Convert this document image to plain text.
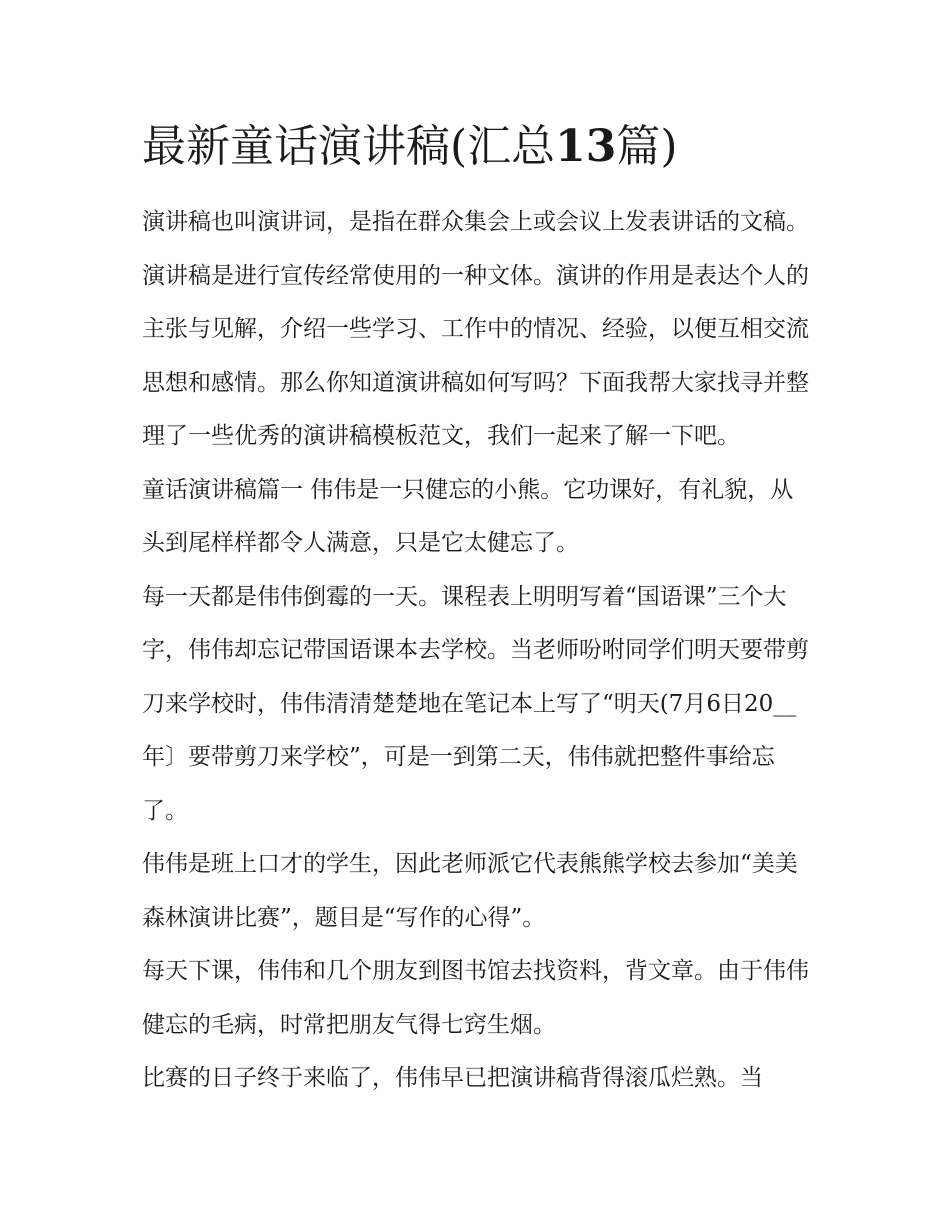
最新童话演讲稿(汇总13篇)

演讲稿也叫演讲词，是指在群众集会上或会议上发表讲话的文稿。演讲稿是进行宣传经常使用的一种文体。演讲的作用是表达个人的主张与见解，介绍一些学习、工作中的情况、经验，以便互相交流思想和感情。那么你知道演讲稿如何写吗？下面我帮大家找寻并整理了一些优秀的演讲稿模板范文，我们一起来了解一下吧。

童话演讲稿篇一 伟伟是一只健忘的小熊。它功课好，有礼貌，从头到尾样样都令人满意，只是它太健忘了。

每一天都是伟伟倒霉的一天。课程表上明明写着“国语课”三个大字，伟伟却忘记带国语课本去学校。当老师吩咐同学们明天要带剪刀来学校时，伟伟清清楚楚地在笔记本上写了“明天(7月6日20__年〕要带剪刀来学校”，可是一到第二天，伟伟就把整件事给忘了。

伟伟是班上口才的学生，因此老师派它代表熊熊学校去参加“美美森林演讲比赛”，题目是“写作的心得”。

每天下课，伟伟和几个朋友到图书馆去找资料，背文章。由于伟伟健忘的毛病，时常把朋友气得七窍生烟。

比赛的日子终于来临了，伟伟早已把演讲稿背得滚瓜烂熟。当
